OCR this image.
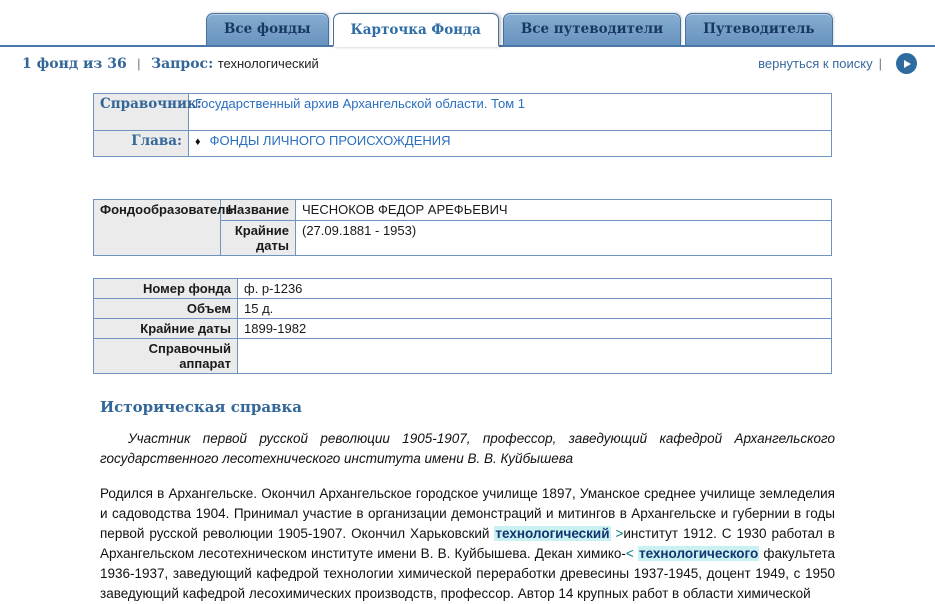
Все фонды	Карточка Фонда	Все путеводители	Путеводитель
1 фонд из 36 | Запрос: технологический	вернуться к поиску |
Справочник:	Государственный архив Архангельской области. Том 1
Глава:	♦ ФОНДЫ ЛИЧНОГО ПРОИСХОЖДЕНИЯ
Фондообразователь	Название	ЧЕСНОКОВ ФЕДОР АРЕФЬЕВИЧ
	Крайние даты	(27.09.1881 - 1953)
Номер фонда	ф. р-1236
Объем	15 д.
Крайние даты	1899-1982
Справочный аппарат	
Историческая справка

Участник первой русской революции 1905-1907, профессор, заведующий кафедрой Архангельского государственного лесотехнического института имени В. В. Куйбышева

Родился в Архангельске. Окончил Архангельское городское училище 1897, Уманское среднее училище земледелия и садоводства 1904. Принимал участие в организации демонстраций и митингов в Архангельске и губернии в годы первой русской революции 1905-1907. Окончил Харьковский технологический >институт 1912. С 1930 работал в Архангельском лесотехническом институте имени В. В. Куйбышева. Декан химико-< технологического факультета 1936-1937, заведующий кафедрой технологии химической переработки древесины 1937-1945, доцент 1949, с 1950 заведующий кафедрой лесохимических производств, профессор. Автор 14 крупных работ в области химической
